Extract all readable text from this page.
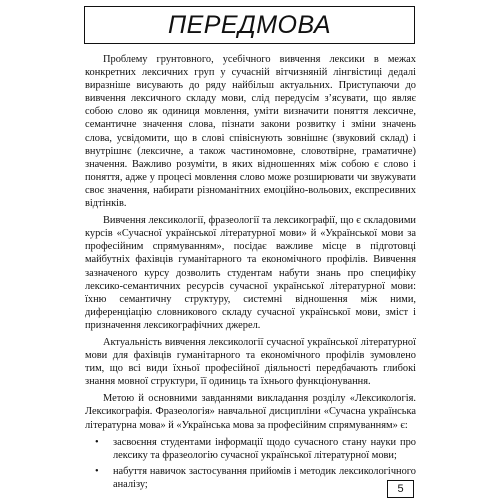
ПЕРЕДМОВА

Проблему грунтовного, усебічного вивчення лексики в межах конкретних лексичних груп у сучасній вітчизняній лінгвістиці дедалі виразніше висувають до ряду найбільш актуальних. Приступаючи до вивчення лексичного складу мови, слід передусім з’ясувати, що являє собою слово як одиниця мовлення, уміти визначити поняття лексичне, семантичне значення слова, пізнати закони розвитку і зміни значень слова, усвідомити, що в слові співіснують зовнішнє (звуковий склад) і внутрішнє (лексичне, а також частиномовне, словотвірне, граматичне) значення. Важливо розуміти, в яких відношеннях між собою є слово і поняття, адже у процесі мовлення слово може розширювати чи звужувати своє значення, набирати різноманітних емоційно-вольових, експресивних відтінків.

Вивчення лексикології, фразеології та лексикографії, що є складовими курсів «Сучасної української літературної мови» й «Української мови за професійним спрямуванням», посідає важливе місце в підготовці майбутніх фахівців гуманітарного та економічного профілів. Вивчення зазначеного курсу дозволить студентам набути знань про специфіку лексико-семантичних ресурсів сучасної української літературної мови: їхню семантичну структуру, системні відношення між ними, диференціацію словникового складу сучасної української мови, зміст і призначення лексикографічних джерел.

Актуальність вивчення лексикології сучасної української літературної мови для фахівців гуманітарного та економічного профілів зумовлено тим, що всі види їхньої професійної діяльності передбачають глибокі знання мовної структури, її одиниць та їхнього функціонування.

Метою й основними завданнями викладання розділу «Лексикологія. Лексикографія. Фразеологія» навчальної дисципліни «Сучасна українська літературна мова» й «Українська мова за професійним спрямуванням» є:

• засвоєння студентами інформації щодо сучасного стану науки про лексику та фразеологію сучасної української літературної мови;
• набуття навичок застосування прийомів і методик лексикологічного аналізу;	5
